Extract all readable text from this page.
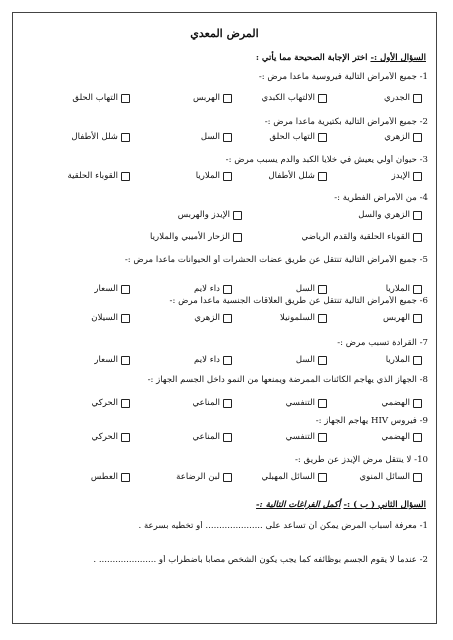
المرض المعدي
السؤال الأول :- اختر الإجابة الصحيحة مما يأتي :
1- جميع الأمراض التالية فيروسية ماعدا مرض :-
الجدري
الالتهاب الكبدي
الهربس
التهاب الحلق
2- جميع الأمراض التالية بكتيرية ماعدا مرض :-
الزهري
التهاب الحلق
السل
شلل الأطفال
3- حيوان أولي يعيش في خلايا الكبد والدم يسبب مرض :-
الإيدز
شلل الأطفال
الملاريا
القوباء الحلقية
4- من الأمراض الفطرية :-
الزهري والسل
الإيدز والهربس
القوباء الحلقية والقدم الرياضي
الزحار الأميبي والملاريا
5- جميع الأمراض التالية تنتقل عن طريق عضات الحشرات أو الحيوانات ماعدا مرض :-
الملاريا
السل
داء لايم
السعار
6- جميع الأمراض التالية تنتقل عن طريق العلاقات الجنسية ماعدا مرض :-
الهربس
السلمونيلا
الزهري
السيلان
7- القرادة تسبب مرض :-
الملاريا
السل
داء لايم
السعار
8- الجهاز الذي يهاجم الكائنات الممرضة ويمنعها من النمو داخل الجسم الجهاز :-
الهضمي
التنفسي
المناعي
الحركي
9- فيروس HIV يهاجم الجهاز :-
الهضمي
التنفسي
المناعي
الحركي
10- لا ينتقل مرض الإيدز عن طريق :-
السائل المنوي
السائل المهبلي
لبن الرضاعة
العطس
السؤال الثاني ( ب ) :- أكمل الفراغات التالية :-
1- معرفة أسباب المرض يمكن أن تساعد على ..................... أو تخطيه بسرعة .
2- عندما لا يقوم الجسم بوظائفه كما يجب يكون الشخص مصاباً باضطراب أو ..................... .
